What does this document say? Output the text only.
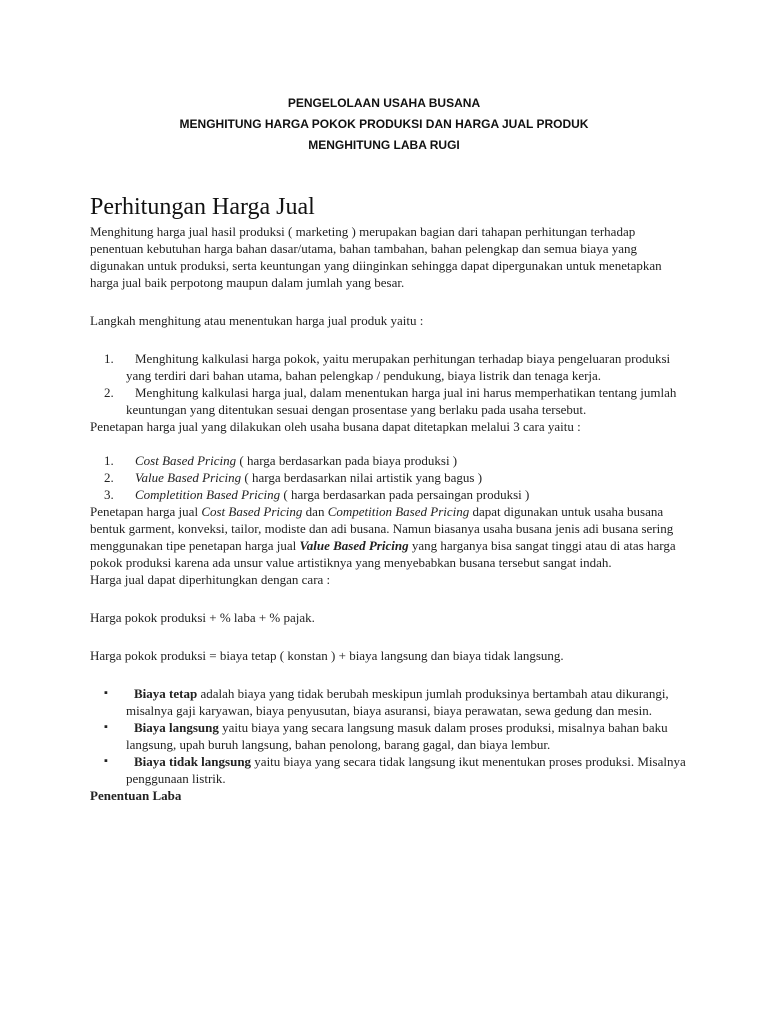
PENGELOLAAN USAHA BUSANA
MENGHITUNG HARGA POKOK PRODUKSI DAN HARGA JUAL PRODUK
MENGHITUNG LABA RUGI
Perhitungan Harga Jual

Menghitung harga jual hasil produksi ( marketing ) merupakan bagian dari tahapan perhitungan terhadap penentuan kebutuhan harga bahan dasar/utama, bahan tambahan, bahan pelengkap dan semua biaya yang digunakan untuk produksi, serta keuntungan yang diinginkan sehingga dapat dipergunakan untuk menetapkan harga jual baik perpotong maupun dalam jumlah yang besar.

Langkah menghitung atau menentukan harga jual produk yaitu :

1. Menghitung kalkulasi harga pokok, yaitu merupakan perhitungan terhadap biaya pengeluaran produksi yang terdiri dari bahan utama, bahan pelengkap / pendukung, biaya listrik dan tenaga kerja.
2. Menghitung kalkulasi harga jual, dalam menentukan harga jual ini harus memperhatikan tentang jumlah keuntungan yang ditentukan sesuai dengan prosentase yang berlaku pada usaha tersebut.

Penetapan harga jual yang dilakukan oleh usaha busana dapat ditetapkan melalui 3 cara yaitu :

1. Cost Based Pricing ( harga berdasarkan pada biaya produksi )
2. Value Based Pricing ( harga berdasarkan nilai artistik yang bagus )
3. Completition Based Pricing ( harga berdasarkan pada persaingan produksi )

Penetapan harga jual Cost Based Pricing dan Competition Based Pricing dapat digunakan untuk usaha busana bentuk garment, konveksi, tailor, modiste dan adi busana. Namun biasanya usaha busana jenis adi busana sering menggunakan tipe penetapan harga jual Value Based Pricing yang harganya bisa sangat tinggi atau di atas harga pokok produksi karena ada unsur value artistiknya yang menyebabkan busana tersebut sangat indah.

Harga jual dapat diperhitungkan dengan cara :

Harga pokok produksi + % laba + % pajak.

Harga pokok produksi = biaya tetap ( konstan ) + biaya langsung dan biaya tidak langsung.

▪ Biaya tetap adalah biaya yang tidak berubah meskipun jumlah produksinya bertambah atau dikurangi, misalnya gaji karyawan, biaya penyusutan, biaya asuransi, biaya perawatan, sewa gedung dan mesin.
▪ Biaya langsung yaitu biaya yang secara langsung masuk dalam proses produksi, misalnya bahan baku langsung, upah buruh langsung, bahan penolong, barang gagal, dan biaya lembur.
▪ Biaya tidak langsung yaitu biaya yang secara tidak langsung ikut menentukan proses produksi. Misalnya penggunaan listrik.

Penentuan Laba
